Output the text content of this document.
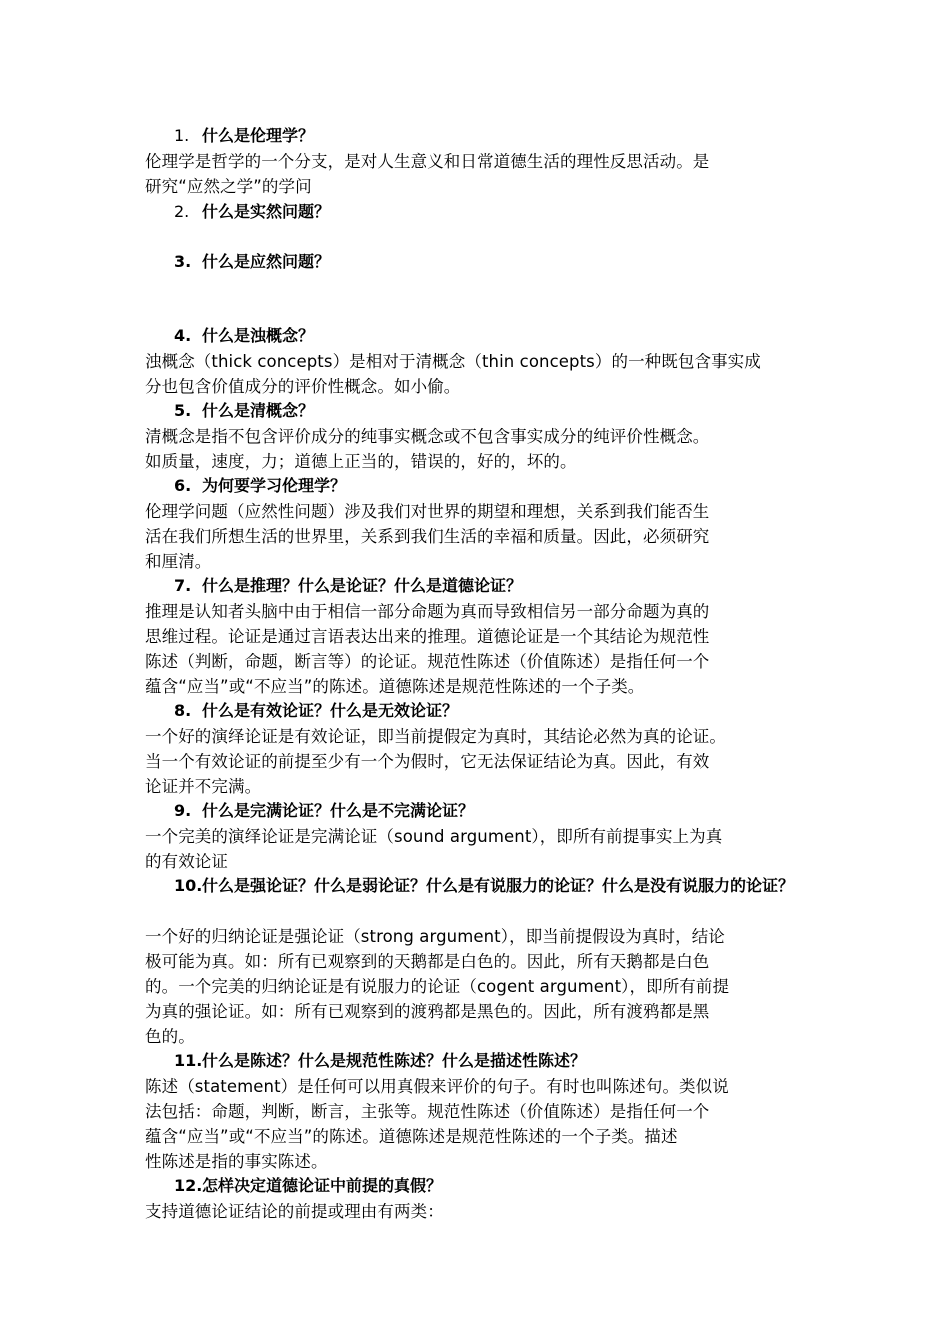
1. 什么是伦理学？
伦理学是哲学的一个分支，是对人生意义和日常道德生活的理性反思活动。是
研究“应然之学”的学问
2. 什么是实然问题？
3. 什么是应然问题？
4. 什么是浊概念？
浊概念（thick concepts）是相对于清概念（thin concepts）的一种既包含事实成
分也包含价值成分的评价性概念。如小偷。
5. 什么是清概念？
清概念是指不包含评价成分的纯事实概念或不包含事实成分的纯评价性概念。
如质量，速度，力；道德上正当的，错误的，好的，坏的。
6. 为何要学习伦理学？
伦理学问题（应然性问题）涉及我们对世界的期望和理想，关系到我们能否生
活在我们所想生活的世界里，关系到我们生活的幸福和质量。因此，必须研究
和厘清。
7. 什么是推理？什么是论证？什么是道德论证？
推理是认知者头脑中由于相信一部分命题为真而导致相信另一部分命题为真的
思维过程。论证是通过言语表达出来的推理。道德论证是一个其结论为规范性
陈述（判断，命题，断言等）的论证。规范性陈述（价值陈述）是指任何一个
蕴含“应当”或“不应当”的陈述。道德陈述是规范性陈述的一个子类。
8. 什么是有效论证？什么是无效论证？
一个好的演绎论证是有效论证，即当前提假定为真时，其结论必然为真的论证。
当一个有效论证的前提至少有一个为假时，它无法保证结论为真。因此，有效
论证并不完满。
9. 什么是完满论证？什么是不完满论证？
一个完美的演绎论证是完满论证（sound argument），即所有前提事实上为真
的有效论证
10.什么是强论证？什么是弱论证？什么是有说服力的论证？什么是没有说服力的论证？
一个好的归纳论证是强论证（strong argument），即当前提假设为真时，结论
极可能为真。如：所有已观察到的天鹅都是白色的。因此，所有天鹅都是白色
的。一个完美的归纳论证是有说服力的论证（cogent argument），即所有前提
为真的强论证。如：所有已观察到的渡鸦都是黑色的。因此，所有渡鸦都是黑
色的。
11.什么是陈述？什么是规范性陈述？什么是描述性陈述？
陈述（statement）是任何可以用真假来评价的句子。有时也叫陈述句。类似说
法包括：命题，判断，断言，主张等。规范性陈述（价值陈述）是指任何一个
蕴含“应当”或“不应当”的陈述。道德陈述是规范性陈述的一个子类。描述
性陈述是指的事实陈述。
12.怎样决定道德论证中前提的真假？
支持道德论证结论的前提或理由有两类：
